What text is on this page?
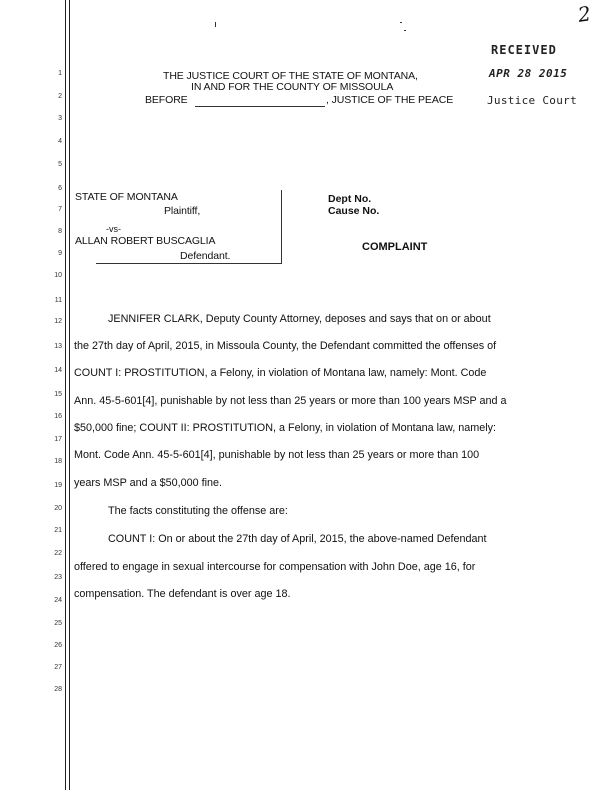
2
RECEIVED
APR 28 2015
Justice Court
1
2
3
4
5
6
7
8
9
10
11
12
13
14
15
16
17
18
19
20
21
22
23
24
25
26
27
28
THE JUSTICE COURT OF THE STATE OF MONTANA,
IN AND FOR THE COUNTY OF MISSOULA
BEFORE	, JUSTICE OF THE PEACE
STATE OF MONTANA
Plaintiff,
-vs-
ALLAN ROBERT BUSCAGLIA
Defendant.
Dept No.
Cause No.
COMPLAINT
JENNIFER CLARK, Deputy County Attorney, deposes and says that on or about
the 27th day of April, 2015, in Missoula County, the Defendant committed the offenses of
COUNT I: PROSTITUTION, a Felony, in violation of Montana law, namely: Mont. Code
Ann. 45-5-601[4], punishable by not less than 25 years or more than 100 years MSP and a
$50,000 fine; COUNT II: PROSTITUTION, a Felony, in violation of Montana law, namely:
Mont. Code Ann. 45-5-601[4], punishable by not less than 25 years or more than 100
years MSP and a $50,000 fine.
The facts constituting the offense are:
COUNT I: On or about the 27th day of April, 2015, the above-named Defendant
offered to engage in sexual intercourse for compensation with John Doe, age 16, for
compensation. The defendant is over age 18.
